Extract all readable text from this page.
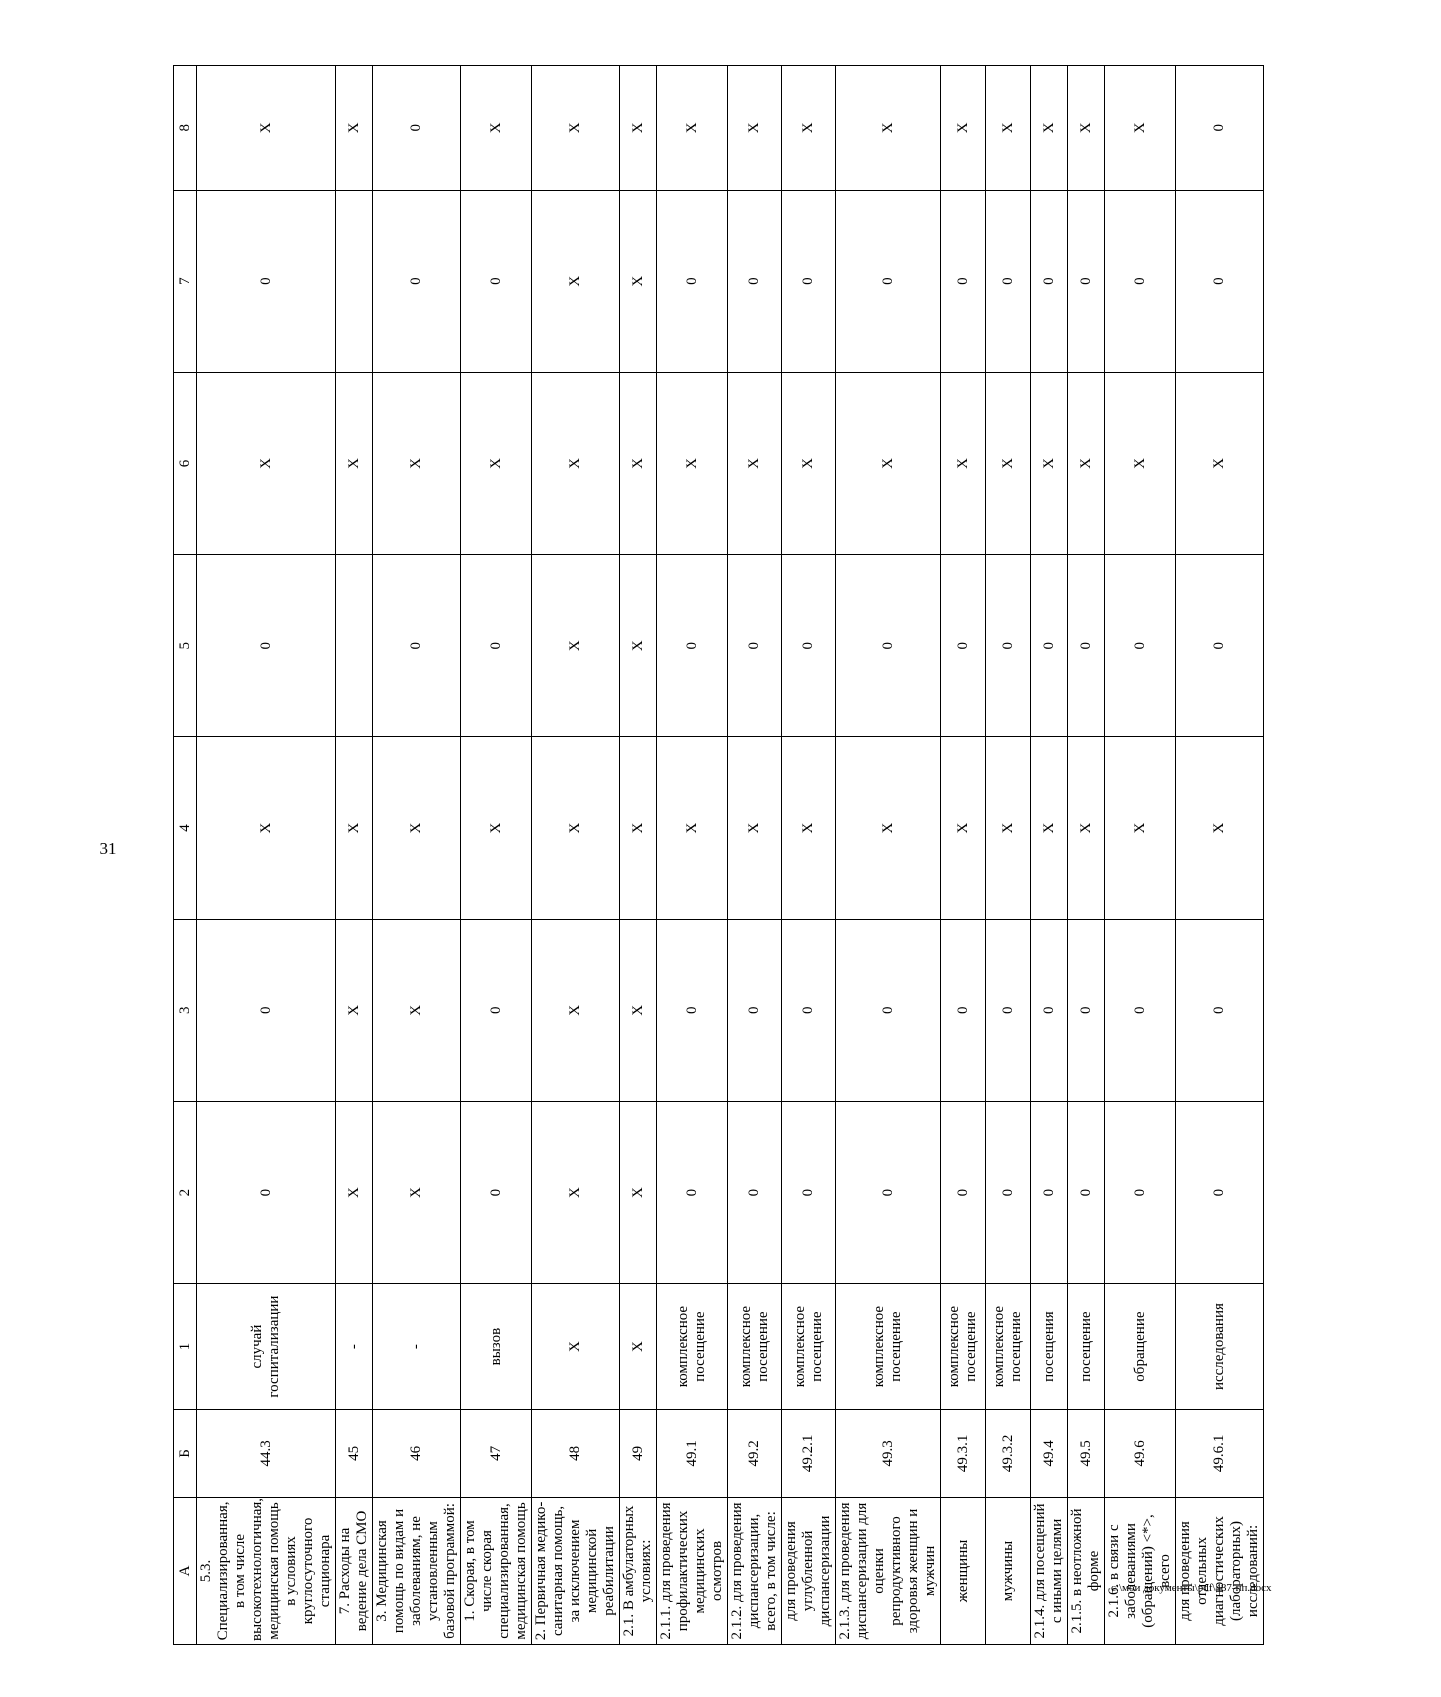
31
А	Б	1	2	3	4	5	6	7	8
5.3. Специализированная, в том числе высокотехнологичная, медицинская помощь в условиях круглосуточного стационара	44.3	случай госпитализации	0	0	X	0	X	0	X
7. Расходы на ведение дела СМО	45	-	X	X	X		X		X
3. Медицинская помощь по видам и заболеваниям, не установленным базовой программой:	46	-	X	X	X	0	X	0	0
1. Скорая, в том числе скорая специализированная, медицинская помощь	47	вызов	0	0	X	0	X	0	X
2. Первичная медико-санитарная помощь, за исключением медицинской реабилитации	48	X	X	X	X	X	X	X	X
2.1. В амбулаторных условиях:	49	X	X	X	X	X	X	X	X
2.1.1. для проведения профилактических медицинских осмотров	49.1	комплексное посещение	0	0	X	0	X	0	X
2.1.2. для проведения диспансеризации, всего, в том числе:	49.2	комплексное посещение	0	0	X	0	X	0	X
для проведения углубленной диспансеризации	49.2.1	комплексное посещение	0	0	X	0	X	0	X
2.1.3. для проведения диспансеризации для оценки репродуктивного здоровья женщин и мужчин	49.3	комплексное посещение	0	0	X	0	X	0	X
женщины	49.3.1	комплексное посещение	0	0	X	0	X	0	X
мужчины	49.3.2	комплексное посещение	0	0	X	0	X	0	X
2.1.4. для посещений с иными целями	49.4	посещения	0	0	X	0	X	0	X
2.1.5. в неотложной форме	49.5	посещение	0	0	X	0	X	0	X
2.1.6. в связи с заболеваниями (обращений) <*>, всего	49.6	обращение	0	0	X	0	X	0	X
для проведения отдельных диагностических (лабораторных) исследований:	49.6.1	исследования	0	0	X	0	X	0	0
c:\мои документы\pdf\487-пп.docx
